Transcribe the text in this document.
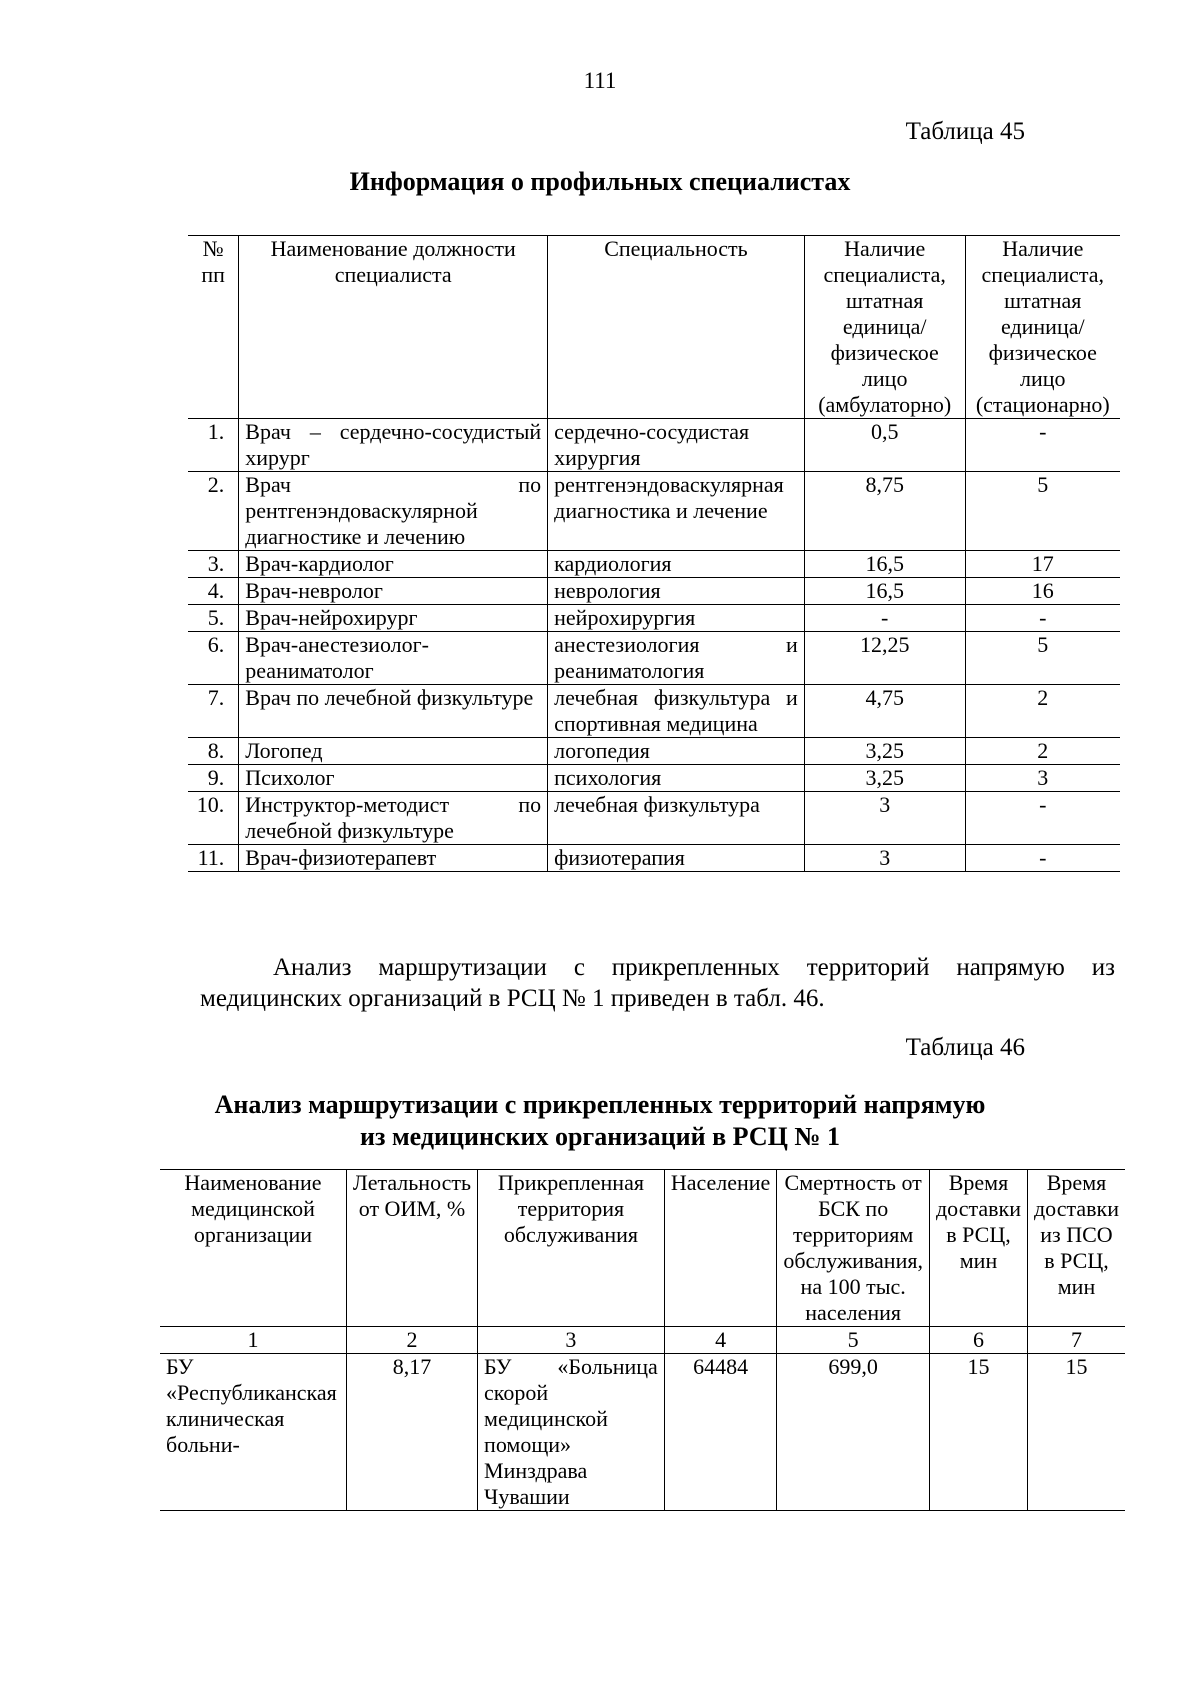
111
Таблица 45
Информация о профильных специалистах
№ пп	Наименование должности специалиста	Специальность	Наличие специалиста, штатная единица/ физическое лицо (амбулаторно)	Наличие специалиста, штатная единица/ физическое лицо (стационарно)
1.	Врач – сердечно-сосудистый хирург	сердечно-сосудистая хирургия	0,5	-
2.	Врач по рентгенэндоваскулярной диагностике и лечению	рентгенэндоваскулярная диагностика и лечение	8,75	5
3.	Врач-кардиолог	кардиология	16,5	17
4.	Врач-невролог	неврология	16,5	16
5.	Врач-нейрохирург	нейрохирургия	-	-
6.	Врач-анестезиолог-реаниматолог	анестезиология и реаниматология	12,25	5
7.	Врач по лечебной физкультуре	лечебная физкультура и спортивная медицина	4,75	2
8.	Логопед	логопедия	3,25	2
9.	Психолог	психология	3,25	3
10.	Инструктор-методист по лечебной физкультуре	лечебная физкультура	3	-
11.	Врач-физиотерапевт	физиотерапия	3	-
Анализ маршрутизации с прикрепленных территорий напрямую из медицинских организаций в РСЦ № 1 приведен в табл. 46.
Таблица 46
Анализ маршрутизации с прикрепленных территорий напрямую
из медицинских организаций в РСЦ № 1
Наименование медицинской организации	Летальность от ОИМ, %	Прикрепленная территория обслуживания	Население	Смертность от БСК по территориям обслуживания, на 100 тыс. населения	Время доставки в РСЦ, мин	Время доставки из ПСО в РСЦ, мин
1	2	3	4	5	6	7
БУ «Республиканская клиническая больни-	8,17	БУ «Больница скорой медицинской помощи» Минздрава Чувашии	64484	699,0	15	15
